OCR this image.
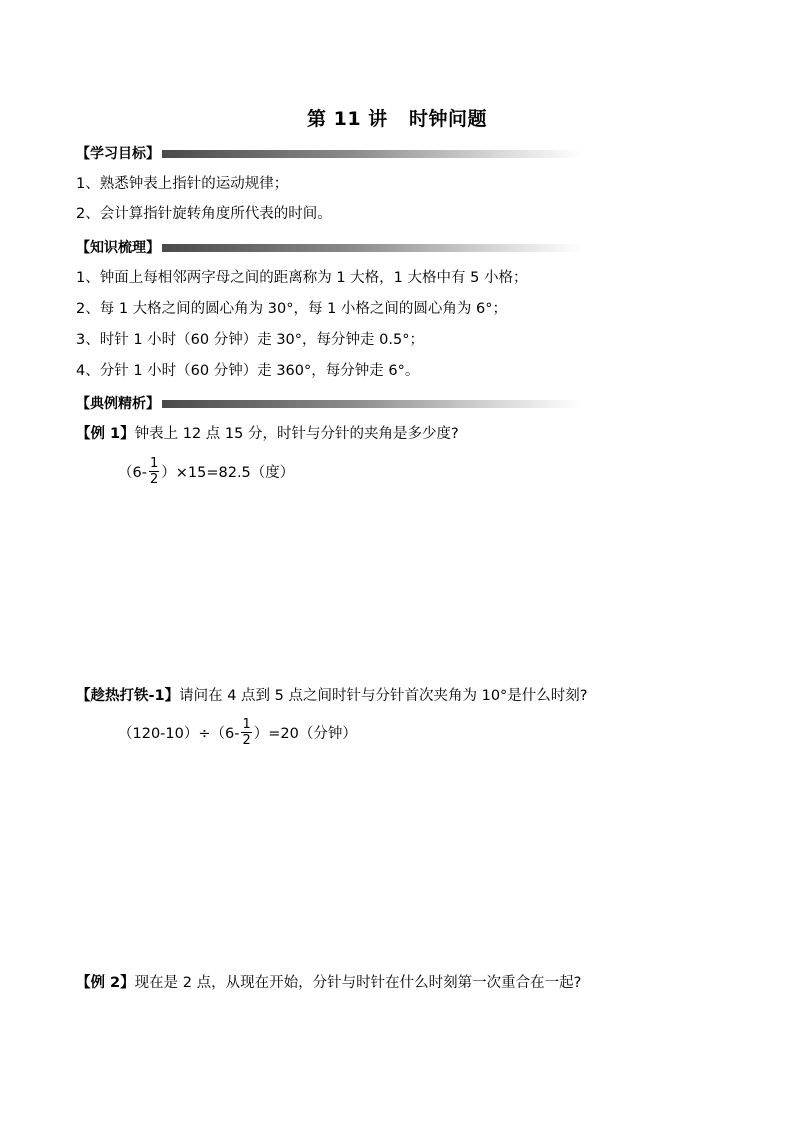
第 11 讲   时钟问题
【学习目标】
1、熟悉钟表上指针的运动规律；
2、会计算指针旋转角度所代表的时间。
【知识梳理】
1、钟面上每相邻两字母之间的距离称为 1 大格，1 大格中有 5 小格；
2、每 1 大格之间的圆心角为 30°，每 1 小格之间的圆心角为 6°；
3、时针 1 小时（60 分钟）走 30°，每分钟走 0.5°；
4、分针 1 小时（60 分钟）走 360°，每分钟走 6°。
【典例精析】
【例 1】钟表上 12 点 15 分，时针与分针的夹角是多少度?
$(6- \frac{1}{2} )\times 15=82.5$（度）
【趁热打铁-1】请问在 4 点到 5 点之间时针与分针首次夹角为 10°是什么时刻?
$(120-10)\div(6- \frac{1}{2} )=20$（分钟）
【例 2】现在是 2 点，从现在开始，分针与时针在什么时刻第一次重合在一起?
